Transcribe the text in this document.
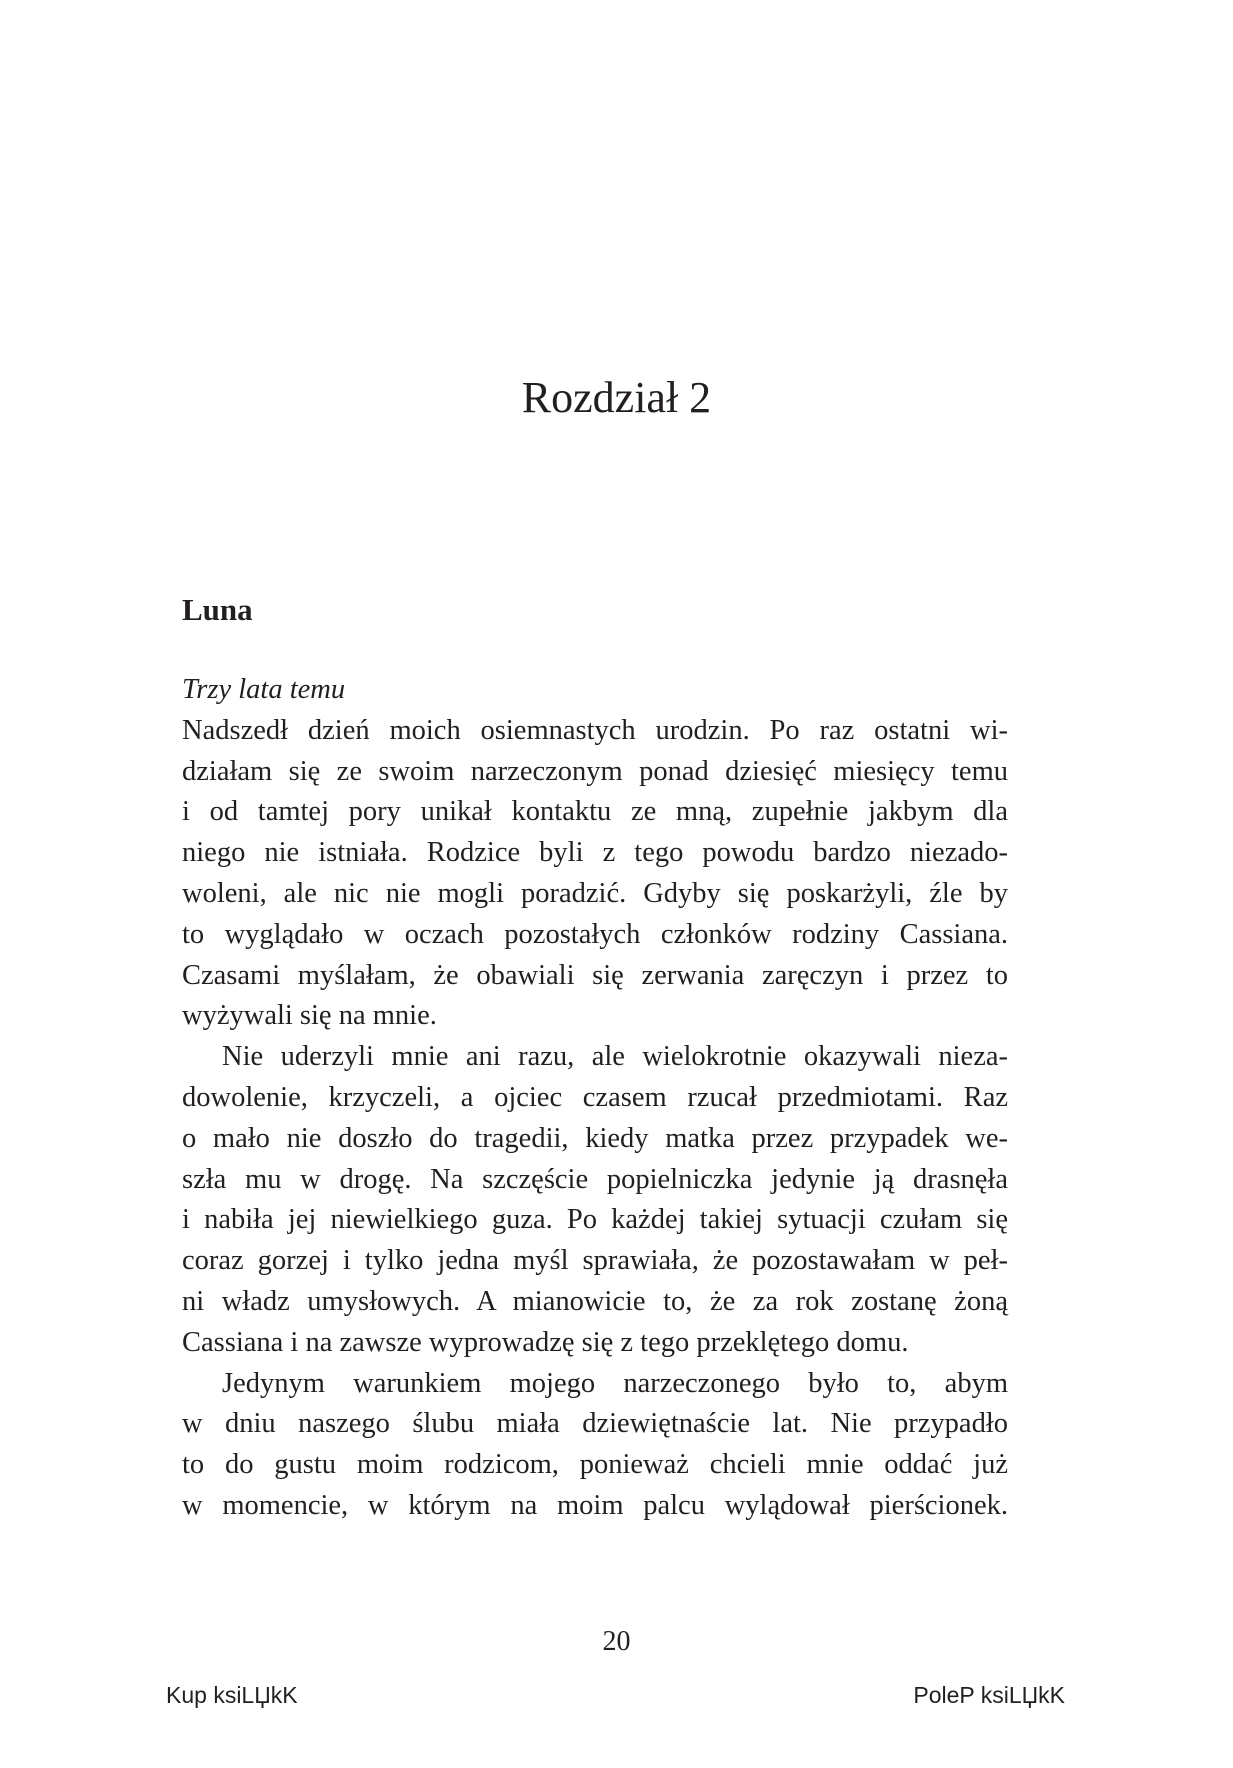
Rozdział 2
Luna
Trzy lata temu
Nadszedł dzień moich osiemnastych urodzin. Po raz ostatni wi-
działam się ze swoim narzeczonym ponad dziesięć miesięcy temu
i od tamtej pory unikał kontaktu ze mną, zupełnie jakbym dla
niego nie istniała. Rodzice byli z tego powodu bardzo niezado-
woleni, ale nic nie mogli poradzić. Gdyby się poskarżyli, źle by
to wyglądało w oczach pozostałych członków rodziny Cassiana.
Czasami myślałam, że obawiali się zerwania zaręczyn i przez to
wyżywali się na mnie.
Nie uderzyli mnie ani razu, ale wielokrotnie okazywali nieza-
dowolenie, krzyczeli, a ojciec czasem rzucał przedmiotami. Raz
o mało nie doszło do tragedii, kiedy matka przez przypadek we-
szła mu w drogę. Na szczęście popielniczka jedynie ją drasnęła
i nabiła jej niewielkiego guza. Po każdej takiej sytuacji czułam się
coraz gorzej i tylko jedna myśl sprawiała, że pozostawałam w peł-
ni władz umysłowych. A mianowicie to, że za rok zostanę żoną
Cassiana i na zawsze wyprowadzę się z tego przeklętego domu.
Jedynym warunkiem mojego narzeczonego było to, abym
w dniu naszego ślubu miała dziewiętnaście lat. Nie przypadło
to do gustu moim rodzicom, ponieważ chcieli mnie oddać już
w momencie, w którym na moim palcu wylądował pierścionek.
20
Kup ksiLЏkK	PoleP ksiLЏkK
